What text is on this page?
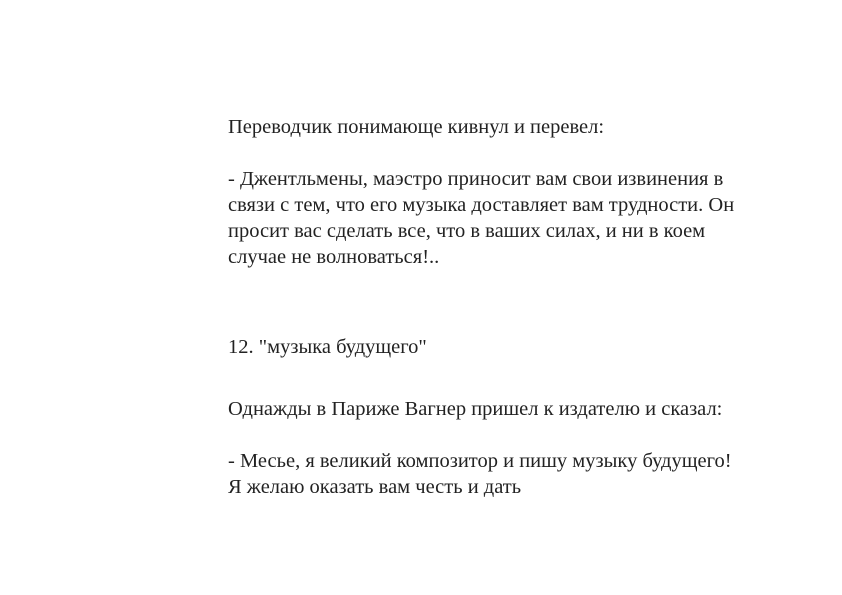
Переводчик понимающе кивнул и перевел:

- Джентльмены, маэстро приносит вам свои извинения в связи с тем, что его музыка доставляет вам трудности. Он просит вас сделать все, что в ваших силах, и ни в коем случае не волноваться!..

12. "музыка будущего"

Однажды в Париже Вагнер пришел к издателю и сказал:

- Месье, я великий композитор и пишу музыку будущего! Я желаю оказать вам честь и дать
